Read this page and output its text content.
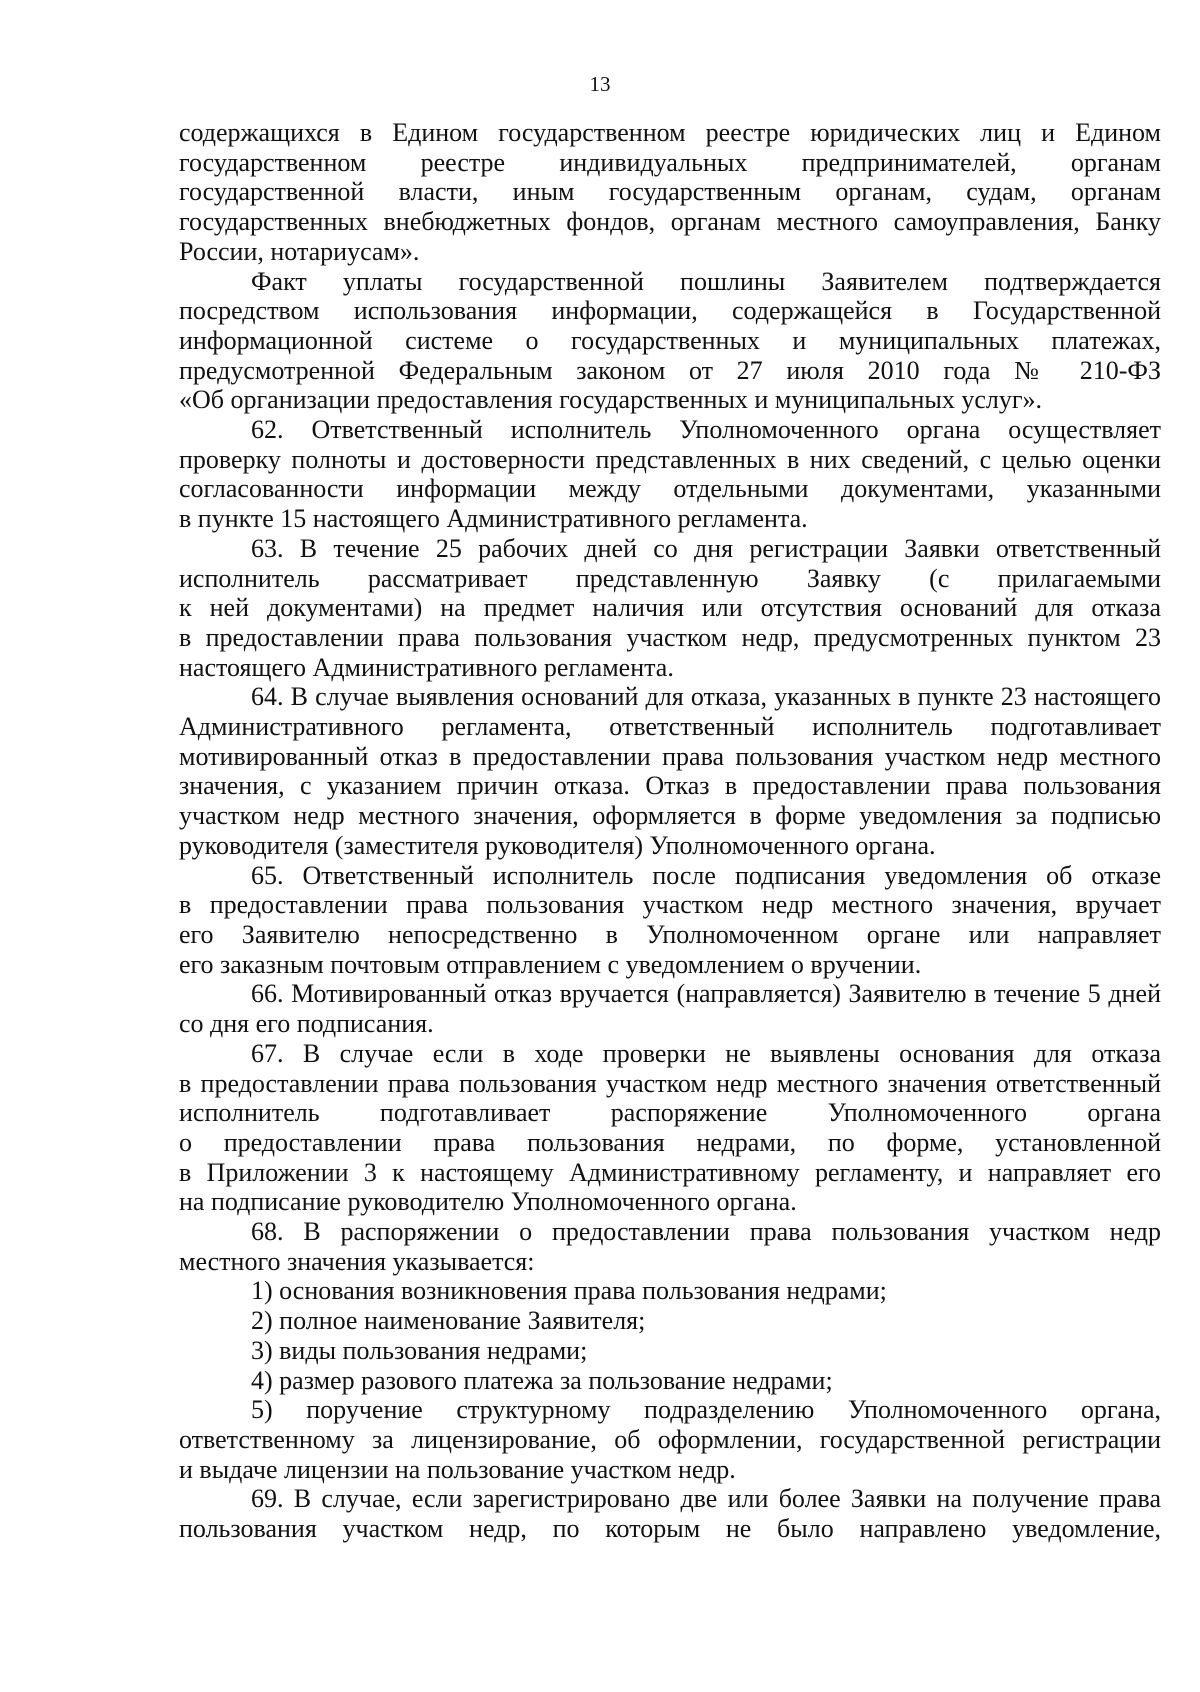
13

содержащихся в Едином государственном реестре юридических лиц и Едином
государственном реестре индивидуальных предпринимателей, органам
государственной власти, иным государственным органам, судам, органам
государственных внебюджетных фондов, органам местного самоуправления, Банку
России, нотариусам».

Факт уплаты государственной пошлины Заявителем подтверждается
посредством использования информации, содержащейся в Государственной
информационной системе о государственных и муниципальных платежах,
предусмотренной Федеральным законом от 27 июля 2010 года № 210-ФЗ
«Об организации предоставления государственных и муниципальных услуг».

62. Ответственный исполнитель Уполномоченного органа осуществляет
проверку полноты и достоверности представленных в них сведений, с целью оценки
согласованности информации между отдельными документами, указанными
в пункте 15 настоящего Административного регламента.

63. В течение 25 рабочих дней со дня регистрации Заявки ответственный
исполнитель рассматривает представленную Заявку (с прилагаемыми
к ней документами) на предмет наличия или отсутствия оснований для отказа
в предоставлении права пользования участком недр, предусмотренных пунктом 23
настоящего Административного регламента.

64. В случае выявления оснований для отказа, указанных в пункте 23 настоящего
Административного регламента, ответственный исполнитель подготавливает
мотивированный отказ в предоставлении права пользования участком недр местного
значения, с указанием причин отказа. Отказ в предоставлении права пользования
участком недр местного значения, оформляется в форме уведомления за подписью
руководителя (заместителя руководителя) Уполномоченного органа.

65. Ответственный исполнитель после подписания уведомления об отказе
в предоставлении права пользования участком недр местного значения, вручает
его Заявителю непосредственно в Уполномоченном органе или направляет
его заказным почтовым отправлением с уведомлением о вручении.

66. Мотивированный отказ вручается (направляется) Заявителю в течение 5 дней
со дня его подписания.

67. В случае если в ходе проверки не выявлены основания для отказа
в предоставлении права пользования участком недр местного значения ответственный
исполнитель подготавливает распоряжение Уполномоченного органа
о предоставлении права пользования недрами, по форме, установленной
в Приложении 3 к настоящему Административному регламенту, и направляет его
на подписание руководителю Уполномоченного органа.

68. В распоряжении о предоставлении права пользования участком недр
местного значения указывается:

1) основания возникновения права пользования недрами;

2) полное наименование Заявителя;

3) виды пользования недрами;

4) размер разового платежа за пользование недрами;

5) поручение структурному подразделению Уполномоченного органа,
ответственному за лицензирование, об оформлении, государственной регистрации
и выдаче лицензии на пользование участком недр.

69. В случае, если зарегистрировано две или более Заявки на получение права
пользования участком недр, по которым не было направлено уведомление,
